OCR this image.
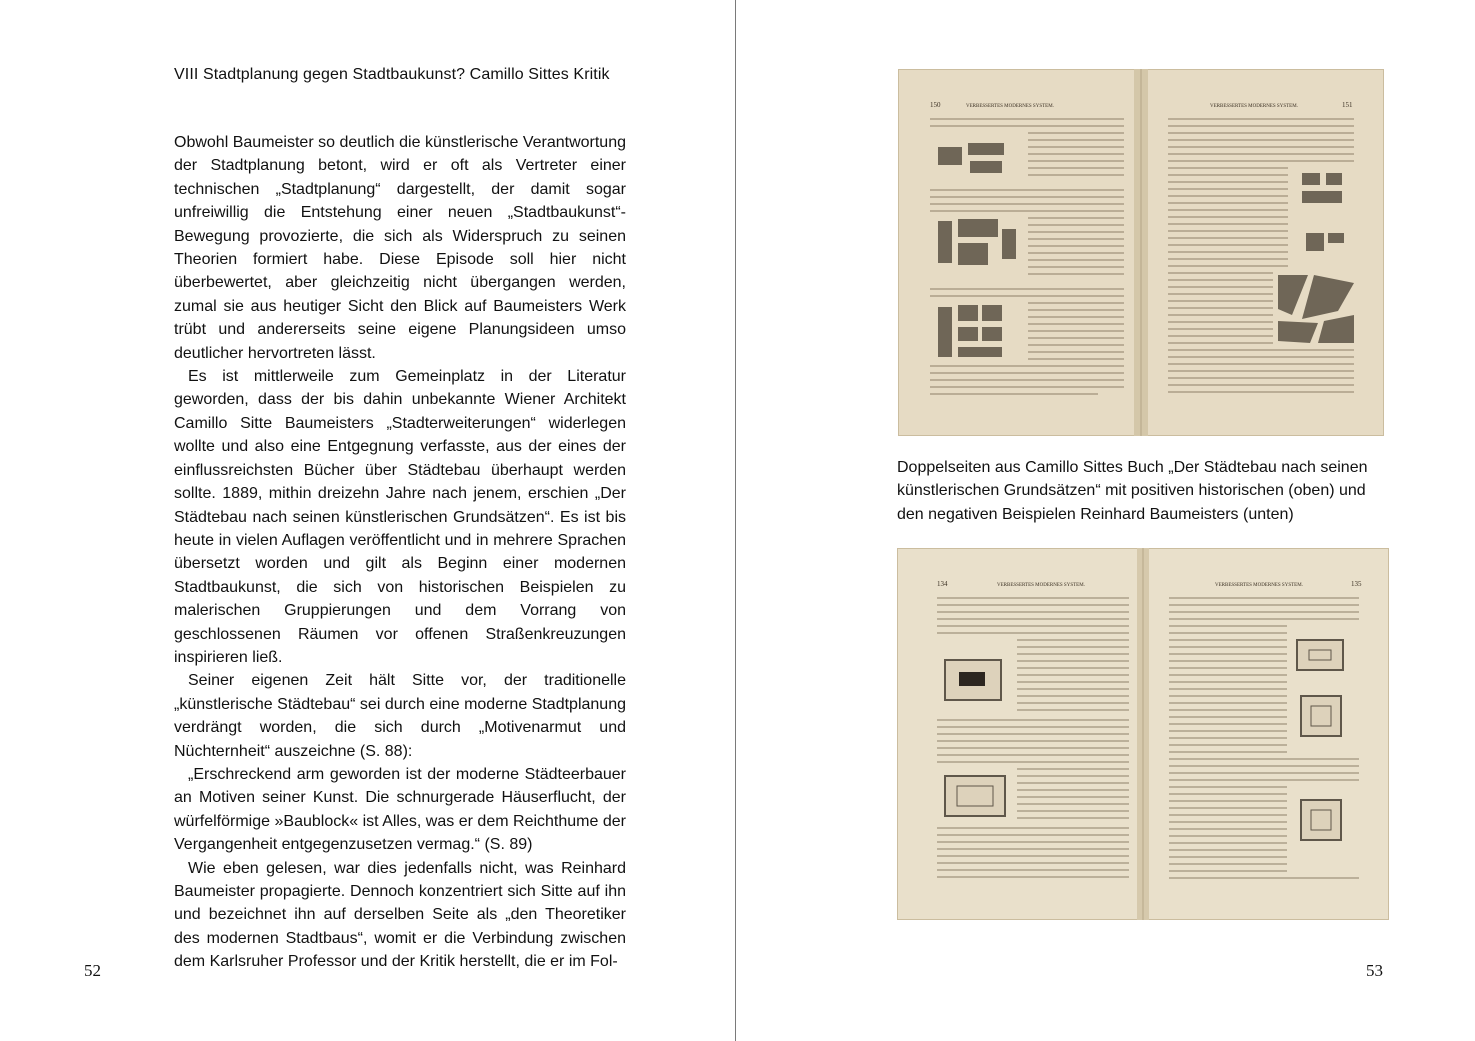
VIII Stadtplanung gegen Stadtbaukunst? Camillo Sittes Kritik

Obwohl Baumeister so deutlich die künstlerische Verantwortung der Stadtplanung betont, wird er oft als Vertreter einer technischen „Stadtplanung“ dargestellt, der damit sogar unfreiwillig die Entstehung einer neuen „Stadtbaukunst“-Bewegung provozierte, die sich als Widerspruch zu seinen Theorien formiert habe. Diese Episode soll hier nicht überbewertet, aber gleichzeitig nicht übergangen werden, zumal sie aus heutiger Sicht den Blick auf Baumeisters Werk trübt und andererseits seine eigene Planungsideen umso deutlicher hervortreten lässt.

Es ist mittlerweile zum Gemeinplatz in der Literatur geworden, dass der bis dahin unbekannte Wiener Architekt Camillo Sitte Baumeisters „Stadterweiterungen“ widerlegen wollte und also eine Entgegnung verfasste, aus der eines der einflussreichsten Bücher über Städtebau überhaupt werden sollte. 1889, mithin dreizehn Jahre nach jenem, erschien „Der Städtebau nach seinen künstlerischen Grundsätzen“. Es ist bis heute in vielen Auflagen veröffentlicht und in mehrere Sprachen übersetzt worden und gilt als Beginn einer modernen Stadtbaukunst, die sich von historischen Beispielen zu malerischen Gruppierungen und dem Vorrang von geschlossenen Räumen vor offenen Straßenkreuzungen inspirieren ließ.

Seiner eigenen Zeit hält Sitte vor, der traditionelle „künstlerische Städtebau“ sei durch eine moderne Stadtplanung verdrängt worden, die sich durch „Motivenarmut und Nüchternheit“ auszeichne (S. 88):

„Erschreckend arm geworden ist der moderne Städteerbauer an Motiven seiner Kunst. Die schnurgerade Häuserflucht, der würfelförmige »Baublock« ist Alles, was er dem Reichthume der Vergangenheit entgegenzusetzen vermag.“ (S. 89)

Wie eben gelesen, war dies jedenfalls nicht, was Reinhard Baumeister propagierte. Dennoch konzentriert sich Sitte auf ihn und bezeichnet ihn auf derselben Seite als „den Theoretiker des modernen Stadtbaus“, womit er die Verbindung zwischen dem Karlsruher Professor und der Kritik herstellt, die er im Fol-

52
150	VERBESSERTES MODERNES SYSTEM.	VERBESSERTES MODERNES SYSTEM.	151
Doppelseiten aus Camillo Sittes Buch „Der Städtebau nach seinen künstlerischen Grundsätzen“ mit positiven historischen (oben) und den negativen Beispielen Reinhard Baumeisters (unten)
134	VERBESSERTES MODERNES SYSTEM.	VERBESSERTES MODERNES SYSTEM.	135
53
